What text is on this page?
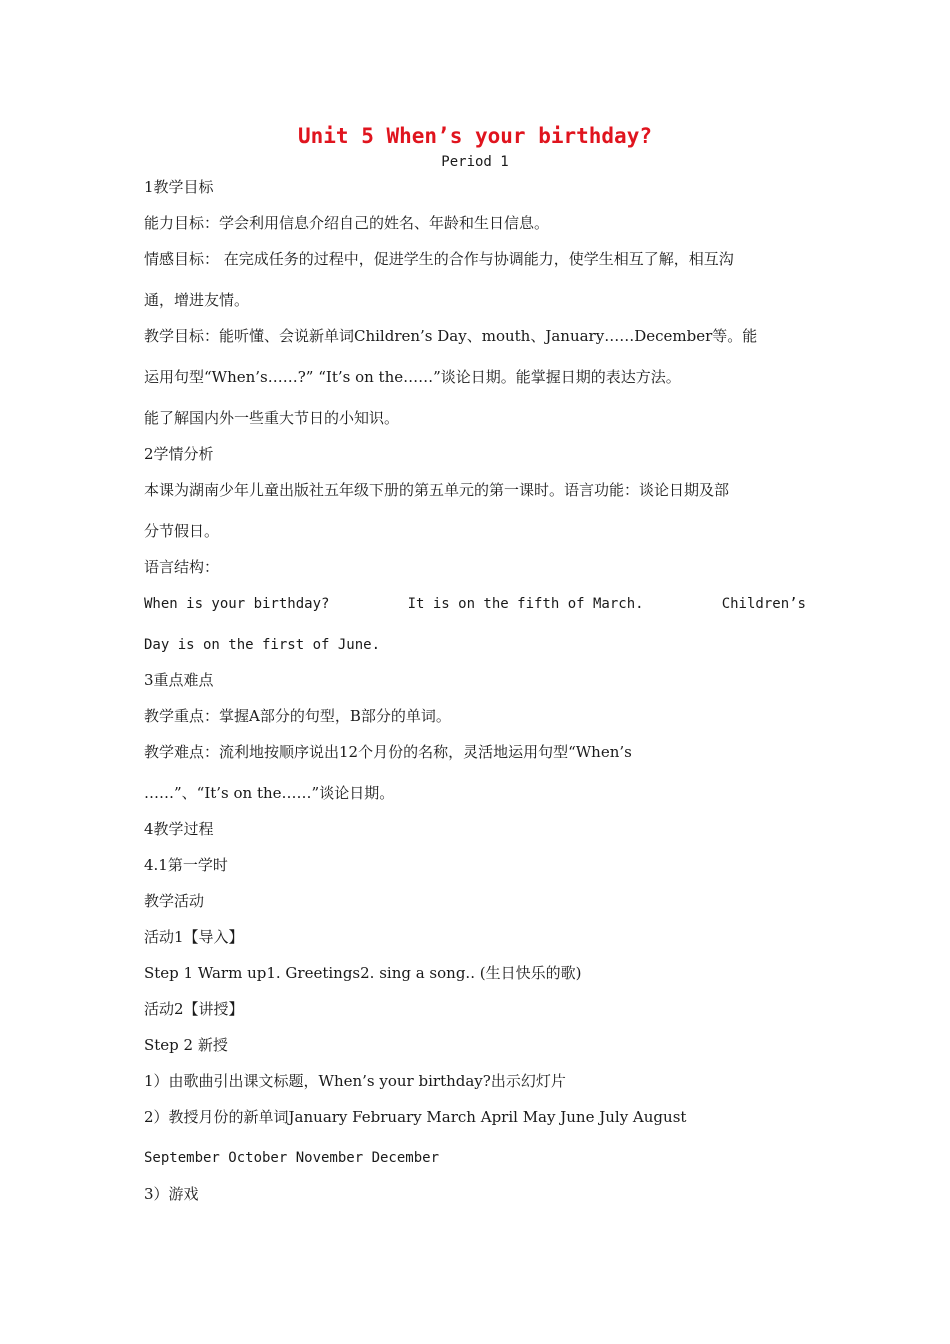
Unit 5 When’s your birthday?
Period 1
1教学目标
能力目标：学会利用信息介绍自己的姓名、年龄和生日信息。
情感目标： 在完成任务的过程中，促进学生的合作与协调能力，使学生相互了解，相互沟
通，增进友情。
教学目标：能听懂、会说新单词Children’s Day、mouth、January……December等。能
运用句型“When’s……?” “It’s on the……”谈论日期。能掌握日期的表达方法。
能了解国内外一些重大节日的小知识。
2学情分析
本课为湖南少年儿童出版社五年级下册的第五单元的第一课时。语言功能：谈论日期及部
分节假日。
语言结构：
When is your birthday?	It is on the fifth of March.	Children’s
Day is on the first of June.
3重点难点
教学重点：掌握A部分的句型，B部分的单词。
教学难点：流利地按顺序说出12个月份的名称，灵活地运用句型“When’s
……”、“It’s on the……”谈论日期。
4教学过程
4.1第一学时
教学活动
活动1【导入】
Step 1 Warm up1. Greetings2. sing a song.. (生日快乐的歌)
活动2【讲授】
Step 2 新授
1）由歌曲引出课文标题，When’s your birthday?出示幻灯片
2）教授月份的新单词January February March April May June July August
September October November December
3）游戏
